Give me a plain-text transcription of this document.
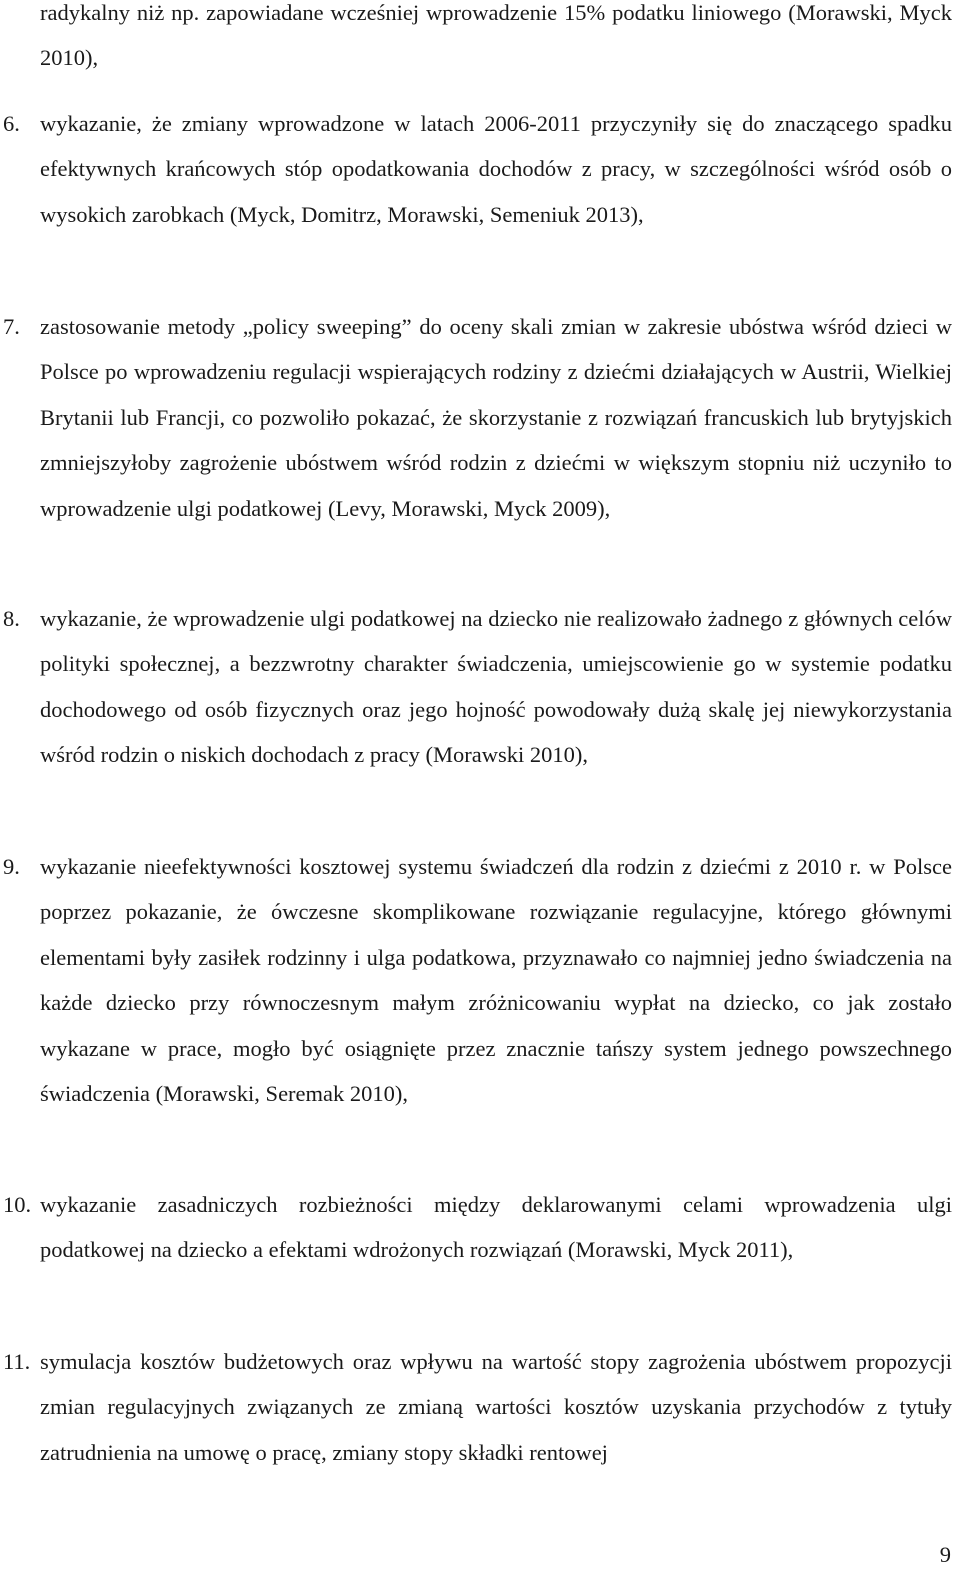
radykalny niż np. zapowiadane wcześniej wprowadzenie 15% podatku liniowego (Morawski, Myck 2010),

6. wykazanie, że zmiany wprowadzone w latach 2006-2011 przyczyniły się do znaczącego spadku efektywnych krańcowych stóp opodatkowania dochodów z pracy, w szczególności wśród osób o wysokich zarobkach (Myck, Domitrz, Morawski, Semeniuk 2013),

7. zastosowanie metody „policy sweeping” do oceny skali zmian w zakresie ubóstwa wśród dzieci w Polsce po wprowadzeniu regulacji wspierających rodziny z dziećmi działających w Austrii, Wielkiej Brytanii lub Francji, co pozwoliło pokazać, że skorzystanie z rozwiązań francuskich lub brytyjskich zmniejszyłoby zagrożenie ubóstwem wśród rodzin z dziećmi w większym stopniu niż uczyniło to wprowadzenie ulgi podatkowej (Levy, Morawski, Myck 2009),

8. wykazanie, że wprowadzenie ulgi podatkowej na dziecko nie realizowało żadnego z głównych celów polityki społecznej, a bezzwrotny charakter świadczenia, umiejscowienie go w systemie podatku dochodowego od osób fizycznych oraz jego hojność powodowały dużą skalę jej niewykorzystania wśród rodzin o niskich dochodach z pracy (Morawski 2010),

9. wykazanie nieefektywności kosztowej systemu świadczeń dla rodzin z dziećmi z 2010 r. w Polsce poprzez pokazanie, że ówczesne skomplikowane rozwiązanie regulacyjne, którego głównymi elementami były zasiłek rodzinny i ulga podatkowa, przyznawało co najmniej jedno świadczenia na każde dziecko przy równoczesnym małym zróżnicowaniu wypłat na dziecko, co jak zostało wykazane w prace, mogło być osiągnięte przez znacznie tańszy system jednego powszechnego świadczenia (Morawski, Seremak 2010),

10. wykazanie zasadniczych rozbieżności między deklarowanymi celami wprowadzenia ulgi podatkowej na dziecko a efektami wdrożonych rozwiązań (Morawski, Myck 2011),

11. symulacja kosztów budżetowych oraz wpływu na wartość stopy zagrożenia ubóstwem propozycji zmian regulacyjnych związanych ze zmianą wartości kosztów uzyskania przychodów z tytuły zatrudnienia na umowę o pracę, zmiany stopy składki rentowej

9
